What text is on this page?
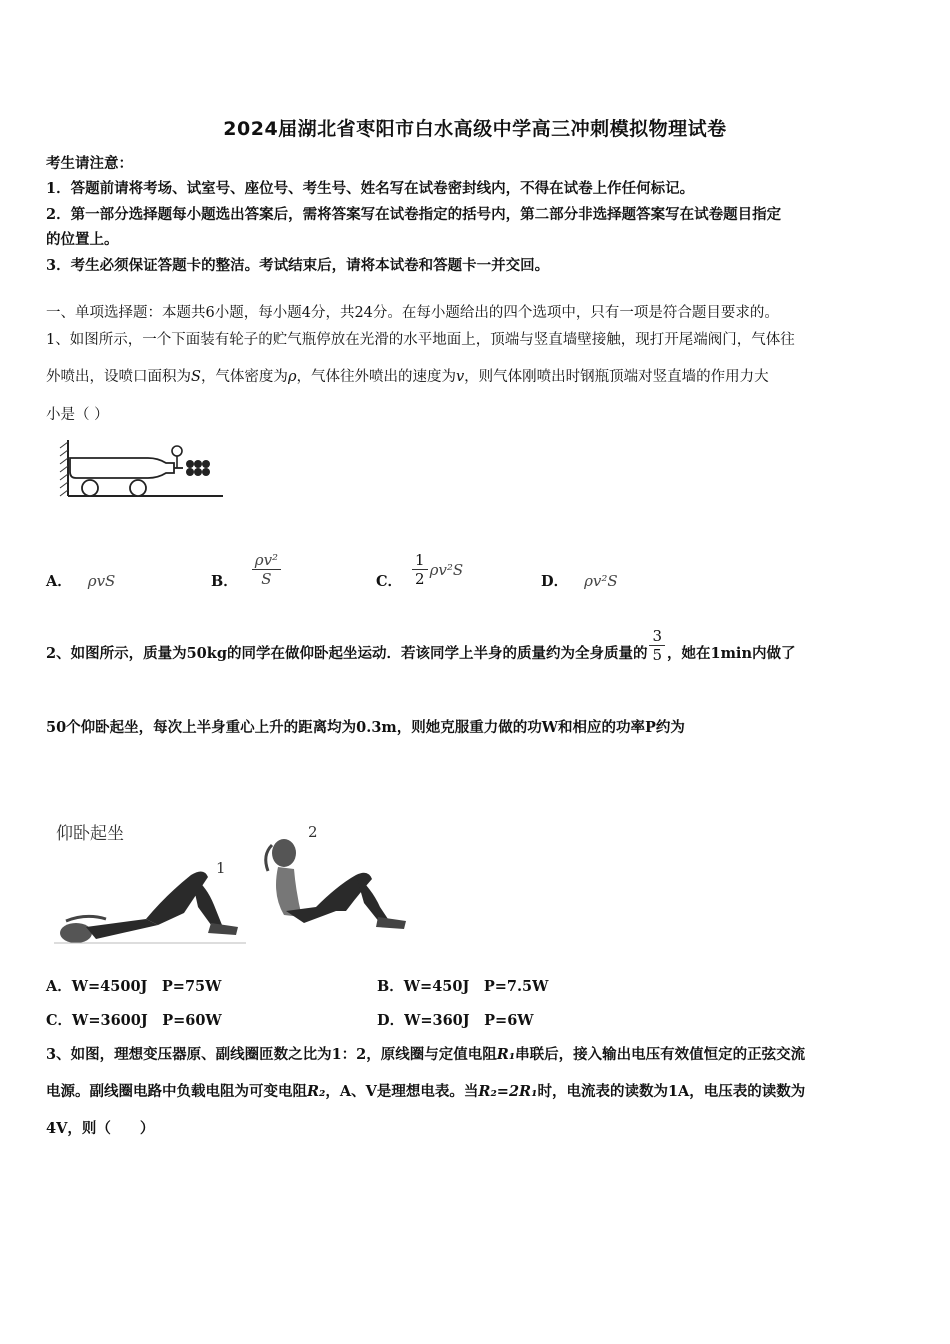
2024届湖北省枣阳市白水高级中学高三冲刺模拟物理试卷
考生请注意：
1．答题前请将考场、试室号、座位号、考生号、姓名写在试卷密封线内，不得在试卷上作任何标记。
2．第一部分选择题每小题选出答案后，需将答案写在试卷指定的括号内，第二部分非选择题答案写在试卷题目指定
的位置上。
3．考生必须保证答题卡的整洁。考试结束后，请将本试卷和答题卡一并交回。
一、单项选择题：本题共6小题，每小题4分，共24分。在每小题给出的四个选项中，只有一项是符合题目要求的。
1、如图所示，一个下面装有轮子的贮气瓶停放在光滑的水平地面上，顶端与竖直墙壁接触，现打开尾端阀门，气体往
外喷出，设喷口面积为S，气体密度为ρ，气体往外喷出的速度为v，则气体刚喷出时钢瓶顶端对竖直墙的作用力大
小是（ ）
A． ρvS	B． $\frac{\text{ρv²}}{S}$	C． $\frac{1}{2} \rho v^2S$
D． ρv²S
2、如图所示，质量为50kg的同学在做仰卧起坐运动．若该同学上半身的质量约为全身质量的 $\frac{3}{5}$ ，她在1min内做了
50个仰卧起坐，每次上半身重心上升的距离均为0.3m，则她克服重力做的功W和相应的功率P约为
仰卧起坐
1
2
A．W=4500J　P=75W	B．W=450J　P=7.5W
C．W=3600J　P=60W	D．W=360J　P=6W
3、如图，理想变压器原、副线圈匝数之比为1：2，原线圈与定值电阻R₁串联后，接入输出电压有效值恒定的正弦交流
电源。副线圈电路中负载电阻为可变电阻R₂，A、V是理想电表。当R₂=2R₁时，电流表的读数为1A，电压表的读数为
4V，则（　　）
